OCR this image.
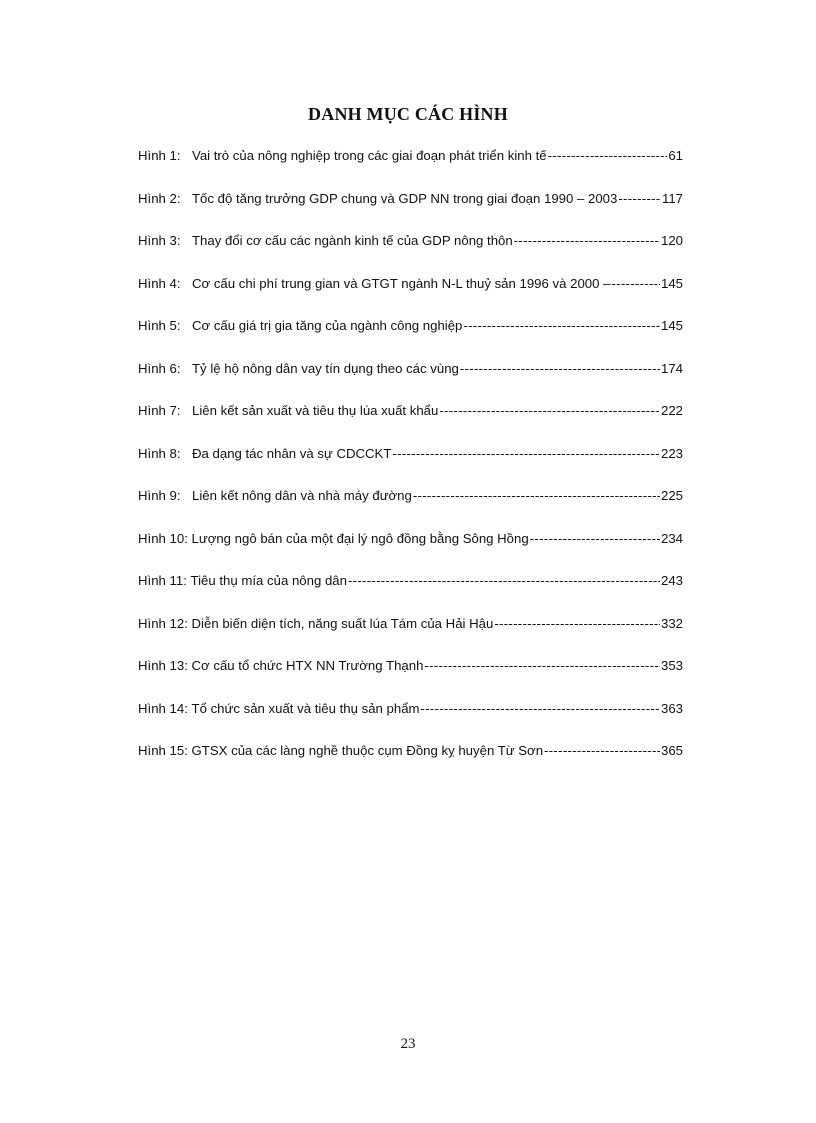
DANH MỤC CÁC HÌNH
Hình 1: Vai trò của nông nghiệp trong các giai đoạn phát triển kinh tế -----	61
Hình 2: Tốc độ tăng trưởng GDP chung và GDP NN trong giai đoạn 1990 – 2003 -----	117
Hình 3: Thay đổi cơ cấu các ngành kinh tế của GDP nông thôn -----	120
Hình 4: Cơ cấu chi phí trung gian và GTGT ngành N-L thuỷ sản 1996 và 2000 – -----	145
Hình 5: Cơ cấu giá trị gia tăng của ngành công nghiệp -----	145
Hình 6: Tỷ lệ hộ nông dân vay tín dụng theo các vùng -----	174
Hình 7: Liên kết sản xuất và tiêu thụ lúa xuất khẩu -----	222
Hình 8: Đa dạng tác nhân và sự CDCCKT -----	223
Hình 9: Liên kết nông dân và nhà máy đường -----	225
Hình 10: Lượng ngô bán của một đại lý ngô đồng bằng Sông Hồng -----	234
Hình 11: Tiêu thụ mía của nông dân -----	243
Hình 12: Diễn biến diện tích, năng suất lúa Tám của Hải Hậu -----	332
Hình 13: Cơ cấu tổ chức HTX NN Trường Thạnh -----	353
Hình 14: Tổ chức sản xuất và tiêu thụ sản phẩm -----	363
Hình 15: GTSX của các làng nghề thuộc cụm Đồng kỵ huyện Từ Sơn -----	365
23
